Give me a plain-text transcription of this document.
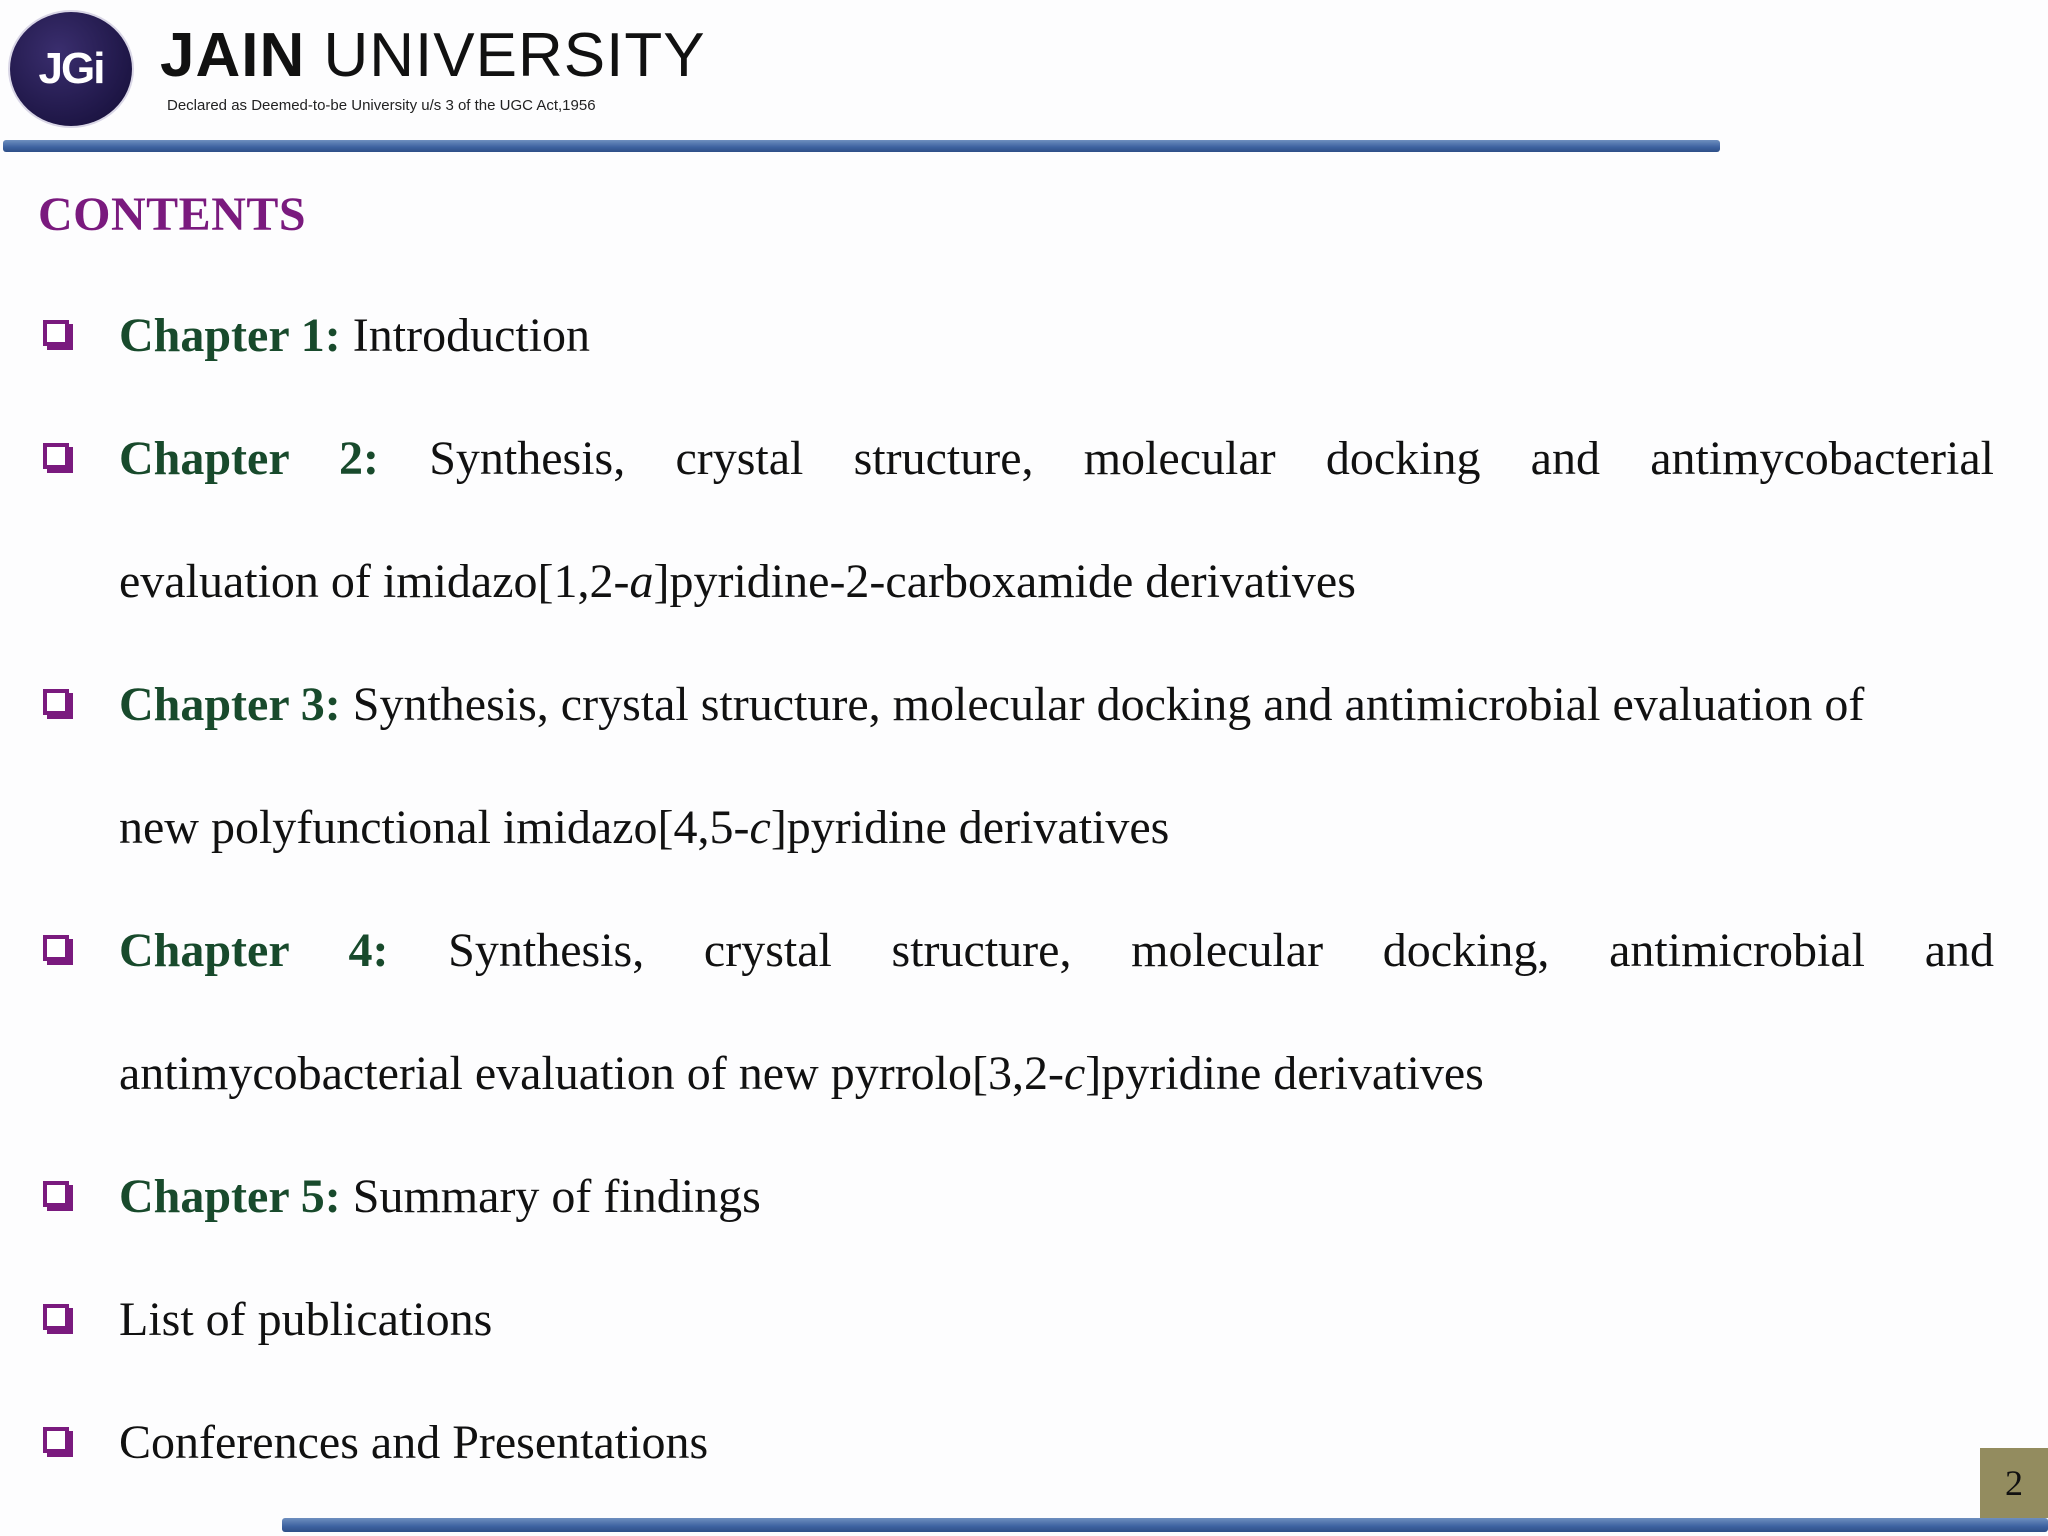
JGi JAIN UNIVERSITY
Declared as Deemed-to-be University u/s 3 of the UGC Act,1956
CONTENTS
Chapter 1: Introduction
Chapter 2: Synthesis, crystal structure, molecular docking and antimycobacterial
evaluation of imidazo[1,2-a]pyridine-2-carboxamide derivatives
Chapter 3: Synthesis, crystal structure, molecular docking and antimicrobial evaluation of
new polyfunctional imidazo[4,5-c]pyridine derivatives
Chapter 4: Synthesis, crystal structure, molecular docking, antimicrobial and
antimycobacterial evaluation of new pyrrolo[3,2-c]pyridine derivatives
Chapter 5: Summary of findings
List of publications
Conferences and Presentations
2
